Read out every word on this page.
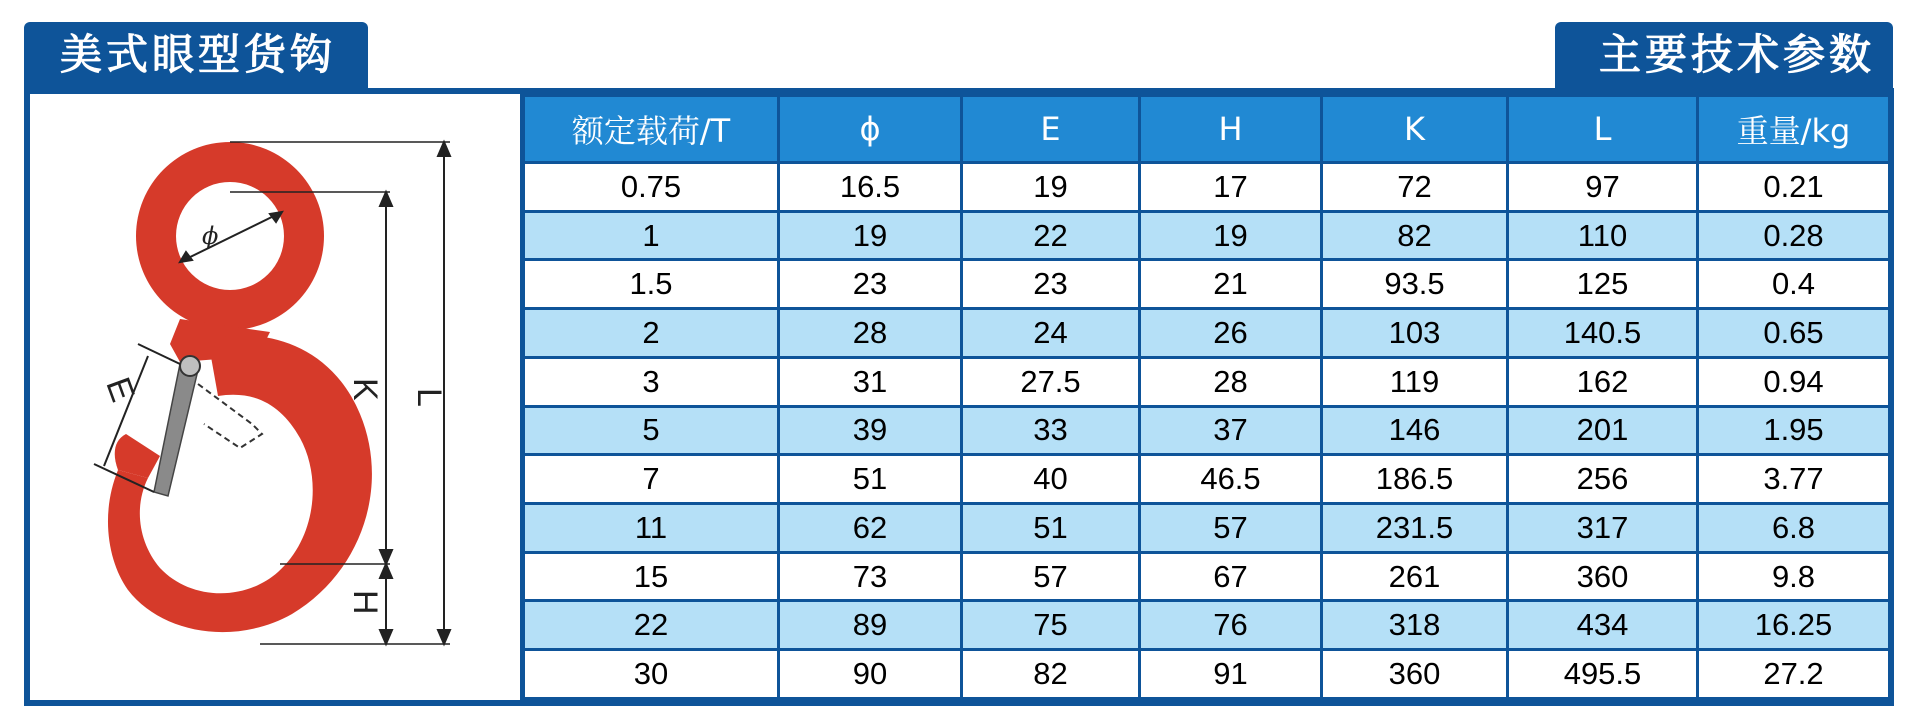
美式眼型货钩	主要技术参数
ϕ
E	K
H
L
额定载荷/T	ϕ	E	H	K	L	重量/kg
0.75	16.5	19	17	72	97	0.21
1	19	22	19	82	110	0.28
1.5	23	23	21	93.5	125	0.4
2	28	24	26	103	140.5	0.65
3	31	27.5	28	119	162	0.94
5	39	33	37	146	201	1.95
7	51	40	46.5	186.5	256	3.77
11	62	51	57	231.5	317	6.8
15	73	57	67	261	360	9.8
22	89	75	76	318	434	16.25
30	90	82	91	360	495.5	27.2
